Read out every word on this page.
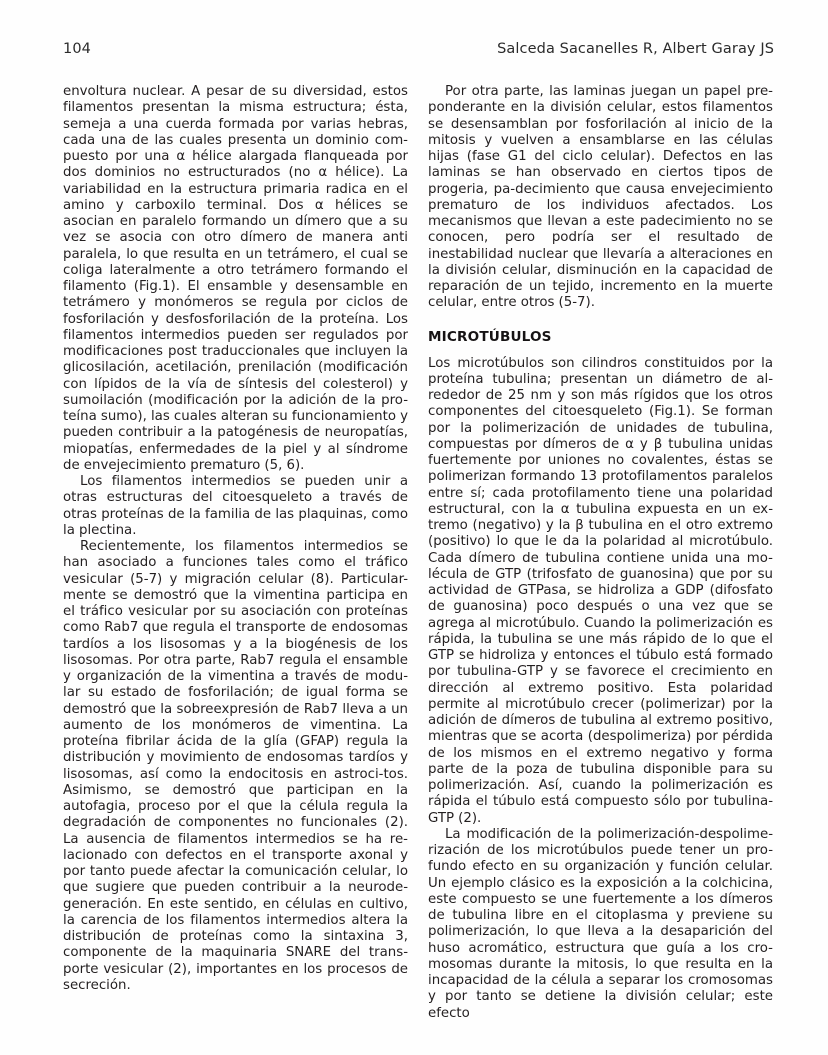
104	Salceda Sacanelles R, Albert Garay JS

envoltura nuclear. A pesar de su diversidad, estos filamentos presentan la misma estructura; ésta, semeja a una cuerda formada por varias hebras, cada una de las cuales presenta un dominio com-puesto por una α hélice alargada flanqueada por dos dominios no estructurados (no α hélice). La variabilidad en la estructura primaria radica en el amino y carboxilo terminal. Dos α hélices se asocian en paralelo formando un dímero que a su vez se asocia con otro dímero de manera anti paralela, lo que resulta en un tetrámero, el cual se coliga lateralmente a otro tetrámero formando el filamento (Fig.1). El ensamble y desensamble en tetrámero y monómeros se regula por ciclos de fosforilación y desfosforilación de la proteína. Los filamentos intermedios pueden ser regulados por modificaciones post traduccionales que incluyen la glicosilación, acetilación, prenilación (modificación con lípidos de la vía de síntesis del colesterol) y sumoilación (modificación por la adición de la pro-teína sumo), las cuales alteran su funcionamiento y pueden contribuir a la patogénesis de neuropatías, miopatías, enfermedades de la piel y al síndrome de envejecimiento prematuro (5, 6).

Los filamentos intermedios se pueden unir a otras estructuras del citoesqueleto a través de otras proteínas de la familia de las plaquinas, como la plectina.

Recientemente, los filamentos intermedios se han asociado a funciones tales como el tráfico vesicular (5-7) y migración celular (8). Particular-mente se demostró que la vimentina participa en el tráfico vesicular por su asociación con proteínas como Rab7 que regula el transporte de endosomas tardíos a los lisosomas y a la biogénesis de los lisosomas. Por otra parte, Rab7 regula el ensamble y organización de la vimentina a través de modu-lar su estado de fosforilación; de igual forma se demostró que la sobreexpresión de Rab7 lleva a un aumento de los monómeros de vimentina. La proteína fibrilar ácida de la glía (GFAP) regula la distribución y movimiento de endosomas tardíos y lisosomas, así como la endocitosis en astroci-tos. Asimismo, se demostró que participan en la autofagia, proceso por el que la célula regula la degradación de componentes no funcionales (2). La ausencia de filamentos intermedios se ha re-lacionado con defectos en el transporte axonal y por tanto puede afectar la comunicación celular, lo que sugiere que pueden contribuir a la neurode-generación. En este sentido, en células en cultivo, la carencia de los filamentos intermedios altera la distribución de proteínas como la sintaxina 3, componente de la maquinaria SNARE del trans-porte vesicular (2), importantes en los procesos de secreción.

Por otra parte, las laminas juegan un papel pre-ponderante en la división celular, estos filamentos se desensamblan por fosforilación al inicio de la mitosis y vuelven a ensamblarse en las células hijas (fase G1 del ciclo celular). Defectos en las laminas se han observado en ciertos tipos de progeria, pa-decimiento que causa envejecimiento prematuro de los individuos afectados. Los mecanismos que llevan a este padecimiento no se conocen, pero podría ser el resultado de inestabilidad nuclear que llevaría a alteraciones en la división celular, disminución en la capacidad de reparación de un tejido, incremento en la muerte celular, entre otros (5-7).

MICROTÚBULOS

Los microtúbulos son cilindros constituidos por la proteína tubulina; presentan un diámetro de al-rededor de 25 nm y son más rígidos que los otros componentes del citoesqueleto (Fig.1). Se forman por la polimerización de unidades de tubulina, compuestas por dímeros de α y β tubulina unidas fuertemente por uniones no covalentes, éstas se polimerizan formando 13 protofilamentos paralelos entre sí; cada protofilamento tiene una polaridad estructural, con la α tubulina expuesta en un ex-tremo (negativo) y la β tubulina en el otro extremo (positivo) lo que le da la polaridad al microtúbulo. Cada dímero de tubulina contiene unida una mo-lécula de GTP (trifosfato de guanosina) que por su actividad de GTPasa, se hidroliza a GDP (difosfato de guanosina) poco después o una vez que se agrega al microtúbulo. Cuando la polimerización es rápida, la tubulina se une más rápido de lo que el GTP se hidroliza y entonces el túbulo está formado por tubulina-GTP y se favorece el crecimiento en dirección al extremo positivo. Esta polaridad permite al microtúbulo crecer (polimerizar) por la adición de dímeros de tubulina al extremo positivo, mientras que se acorta (despolimeriza) por pérdida de los mismos en el extremo negativo y forma parte de la poza de tubulina disponible para su polimerización. Así, cuando la polimerización es rápida el túbulo está compuesto sólo por tubulina-GTP (2).

La modificación de la polimerización-despolime-rización de los microtúbulos puede tener un pro-fundo efecto en su organización y función celular. Un ejemplo clásico es la exposición a la colchicina, este compuesto se une fuertemente a los dímeros de tubulina libre en el citoplasma y previene su polimerización, lo que lleva a la desaparición del huso acromático, estructura que guía a los cro-mosomas durante la mitosis, lo que resulta en la incapacidad de la célula a separar los cromosomas y por tanto se detiene la división celular; este efecto
